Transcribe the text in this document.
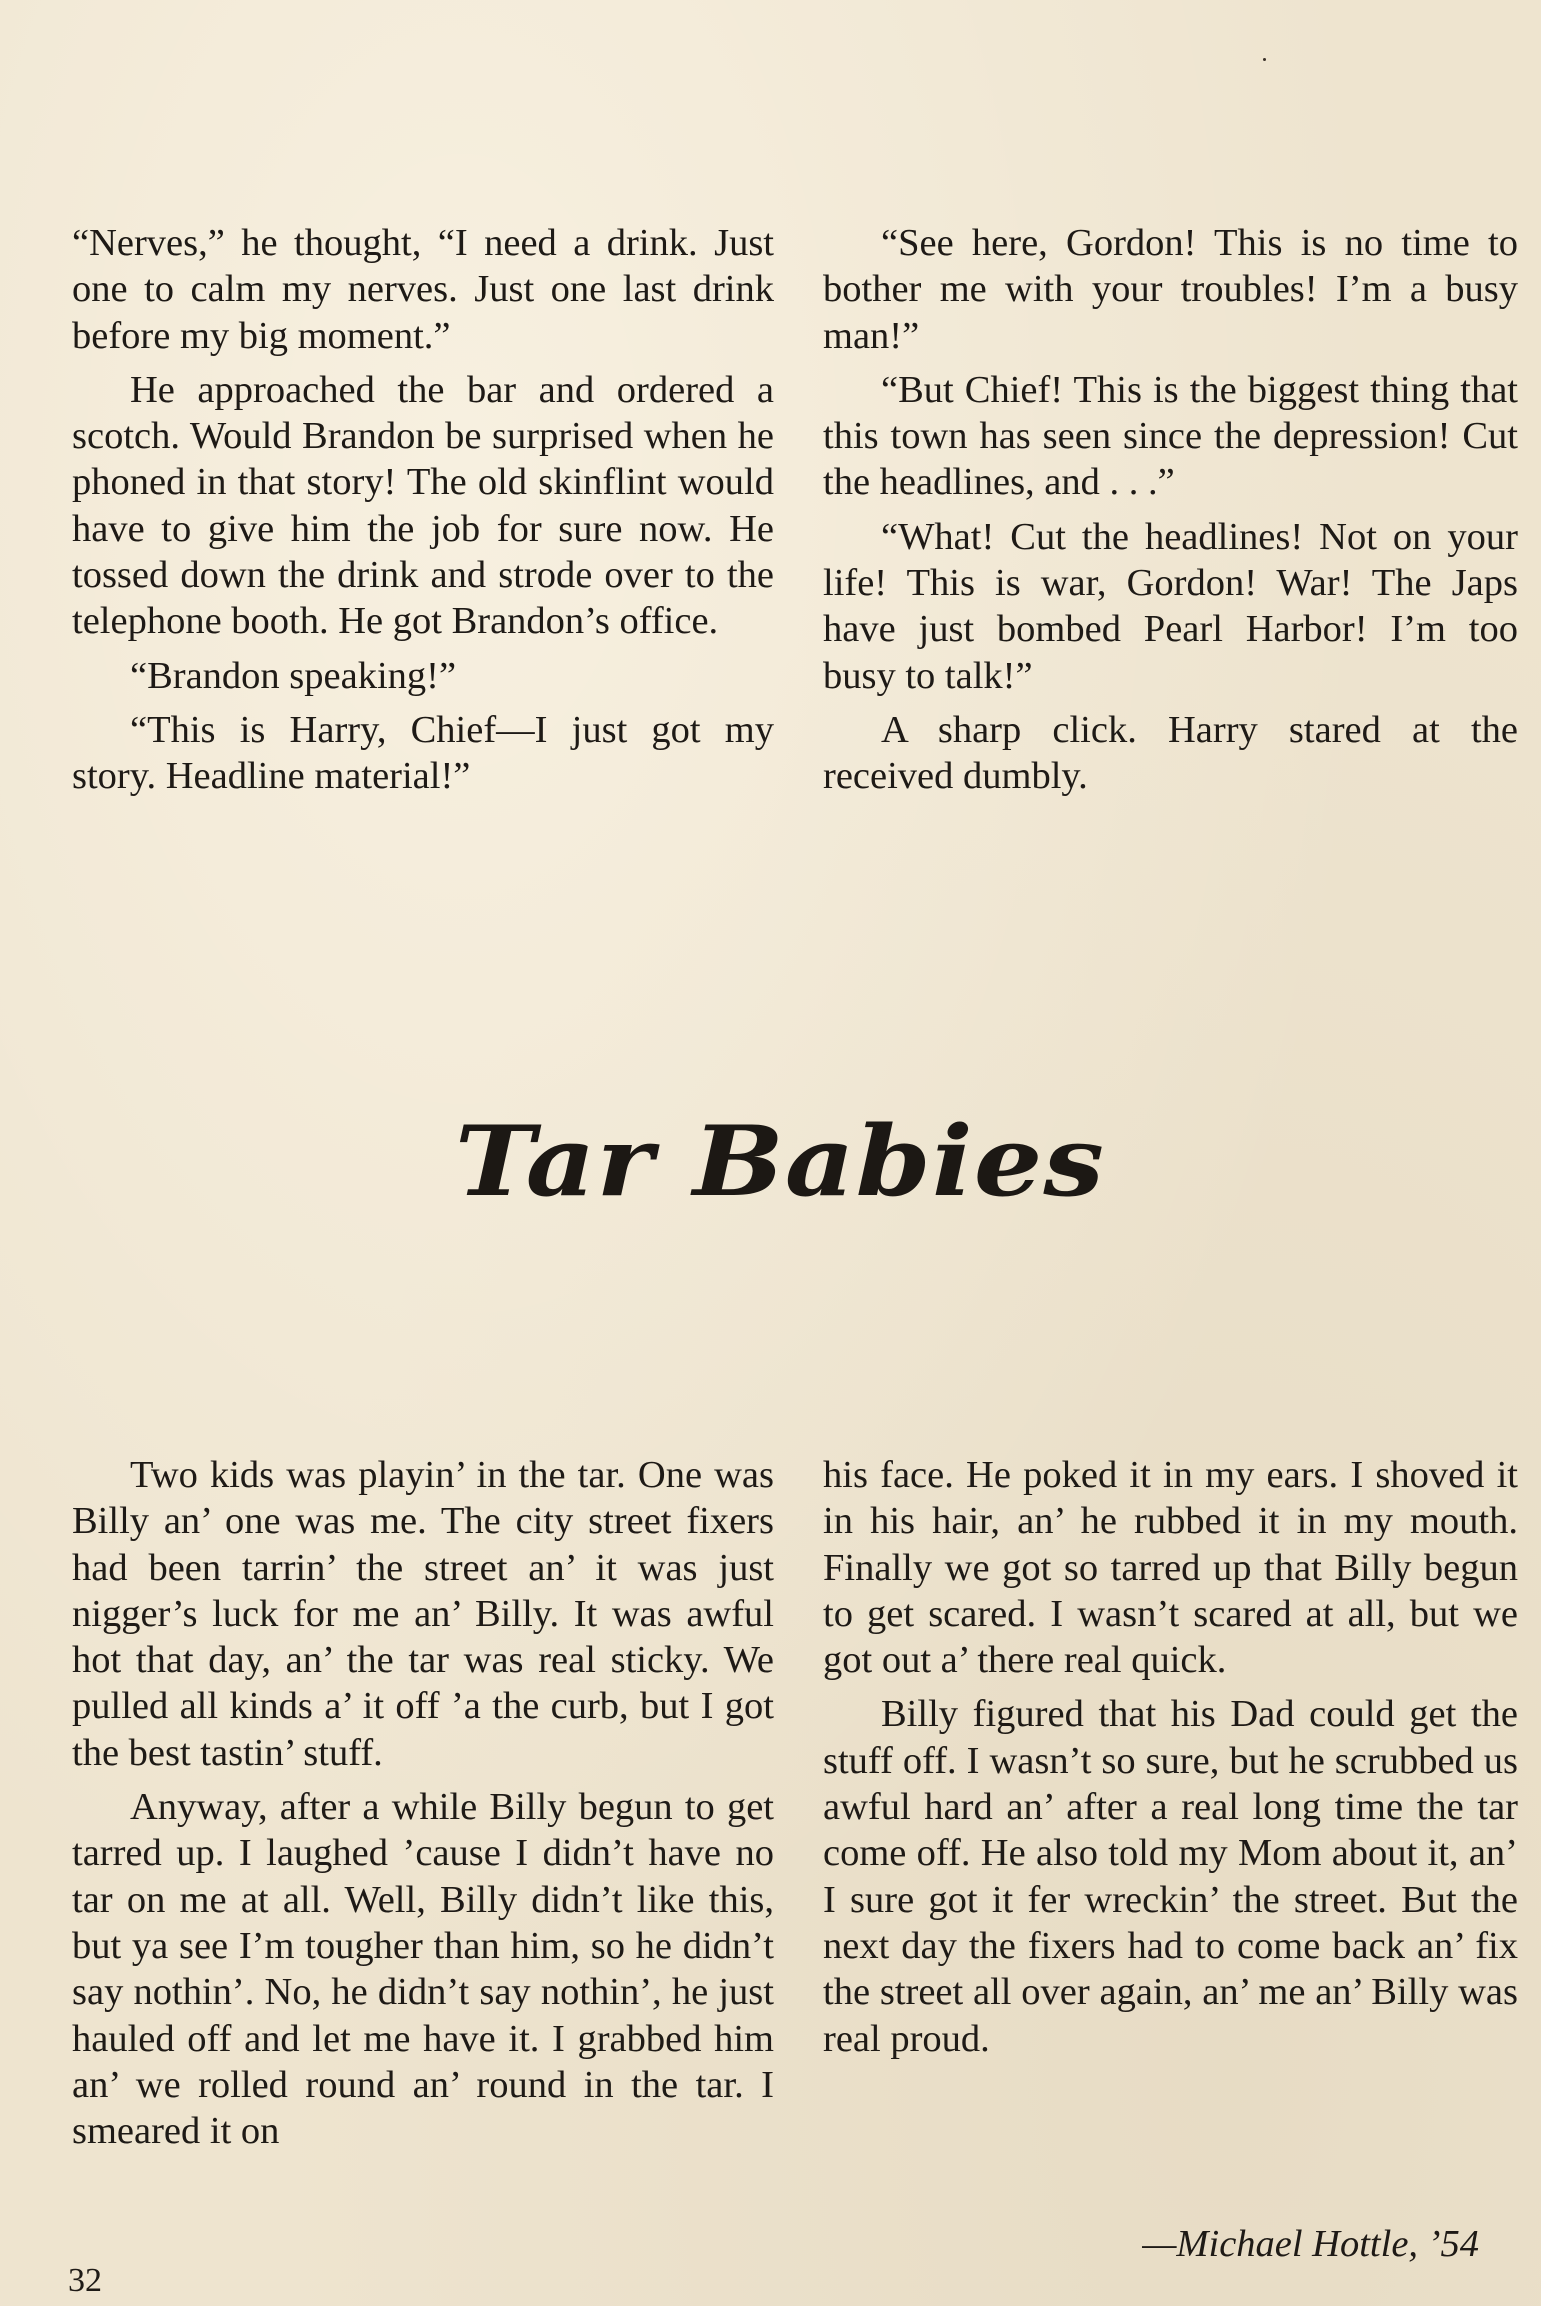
“Nerves,” he thought, “I need a drink. Just one to calm my nerves. Just one last drink before my big moment.”

He approached the bar and ordered a scotch. Would Brandon be surprised when he phoned in that story! The old skinflint would have to give him the job for sure now. He tossed down the drink and strode over to the telephone booth. He got Brandon’s office.

“Brandon speaking!”

“This is Harry, Chief—I just got my story. Headline material!”

“See here, Gordon! This is no time to bother me with your troubles! I’m a busy man!”

“But Chief! This is the biggest thing that this town has seen since the depression! Cut the headlines, and . . .”

“What! Cut the headlines! Not on your life! This is war, Gordon! War! The Japs have just bombed Pearl Harbor! I’m too busy to talk!”

A sharp click. Harry stared at the received dumbly.

Tar Babies

Two kids was playin’ in the tar. One was Billy an’ one was me. The city street fixers had been tarrin’ the street an’ it was just nigger’s luck for me an’ Billy. It was awful hot that day, an’ the tar was real sticky. We pulled all kinds a’ it off ’a the curb, but I got the best tastin’ stuff.

Anyway, after a while Billy begun to get tarred up. I laughed ’cause I didn’t have no tar on me at all. Well, Billy didn’t like this, but ya see I’m tougher than him, so he didn’t say nothin’. No, he didn’t say nothin’, he just hauled off and let me have it. I grabbed him an’ we rolled round an’ round in the tar. I smeared it on

his face. He poked it in my ears. I shoved it in his hair, an’ he rubbed it in my mouth. Finally we got so tarred up that Billy begun to get scared. I wasn’t scared at all, but we got out a’ there real quick.

Billy figured that his Dad could get the stuff off. I wasn’t so sure, but he scrubbed us awful hard an’ after a real long time the tar come off. He also told my Mom about it, an’ I sure got it fer wreckin’ the street. But the next day the fixers had to come back an’ fix the street all over again, an’ me an’ Billy was real proud.

—Michael Hottle, ’54
32
